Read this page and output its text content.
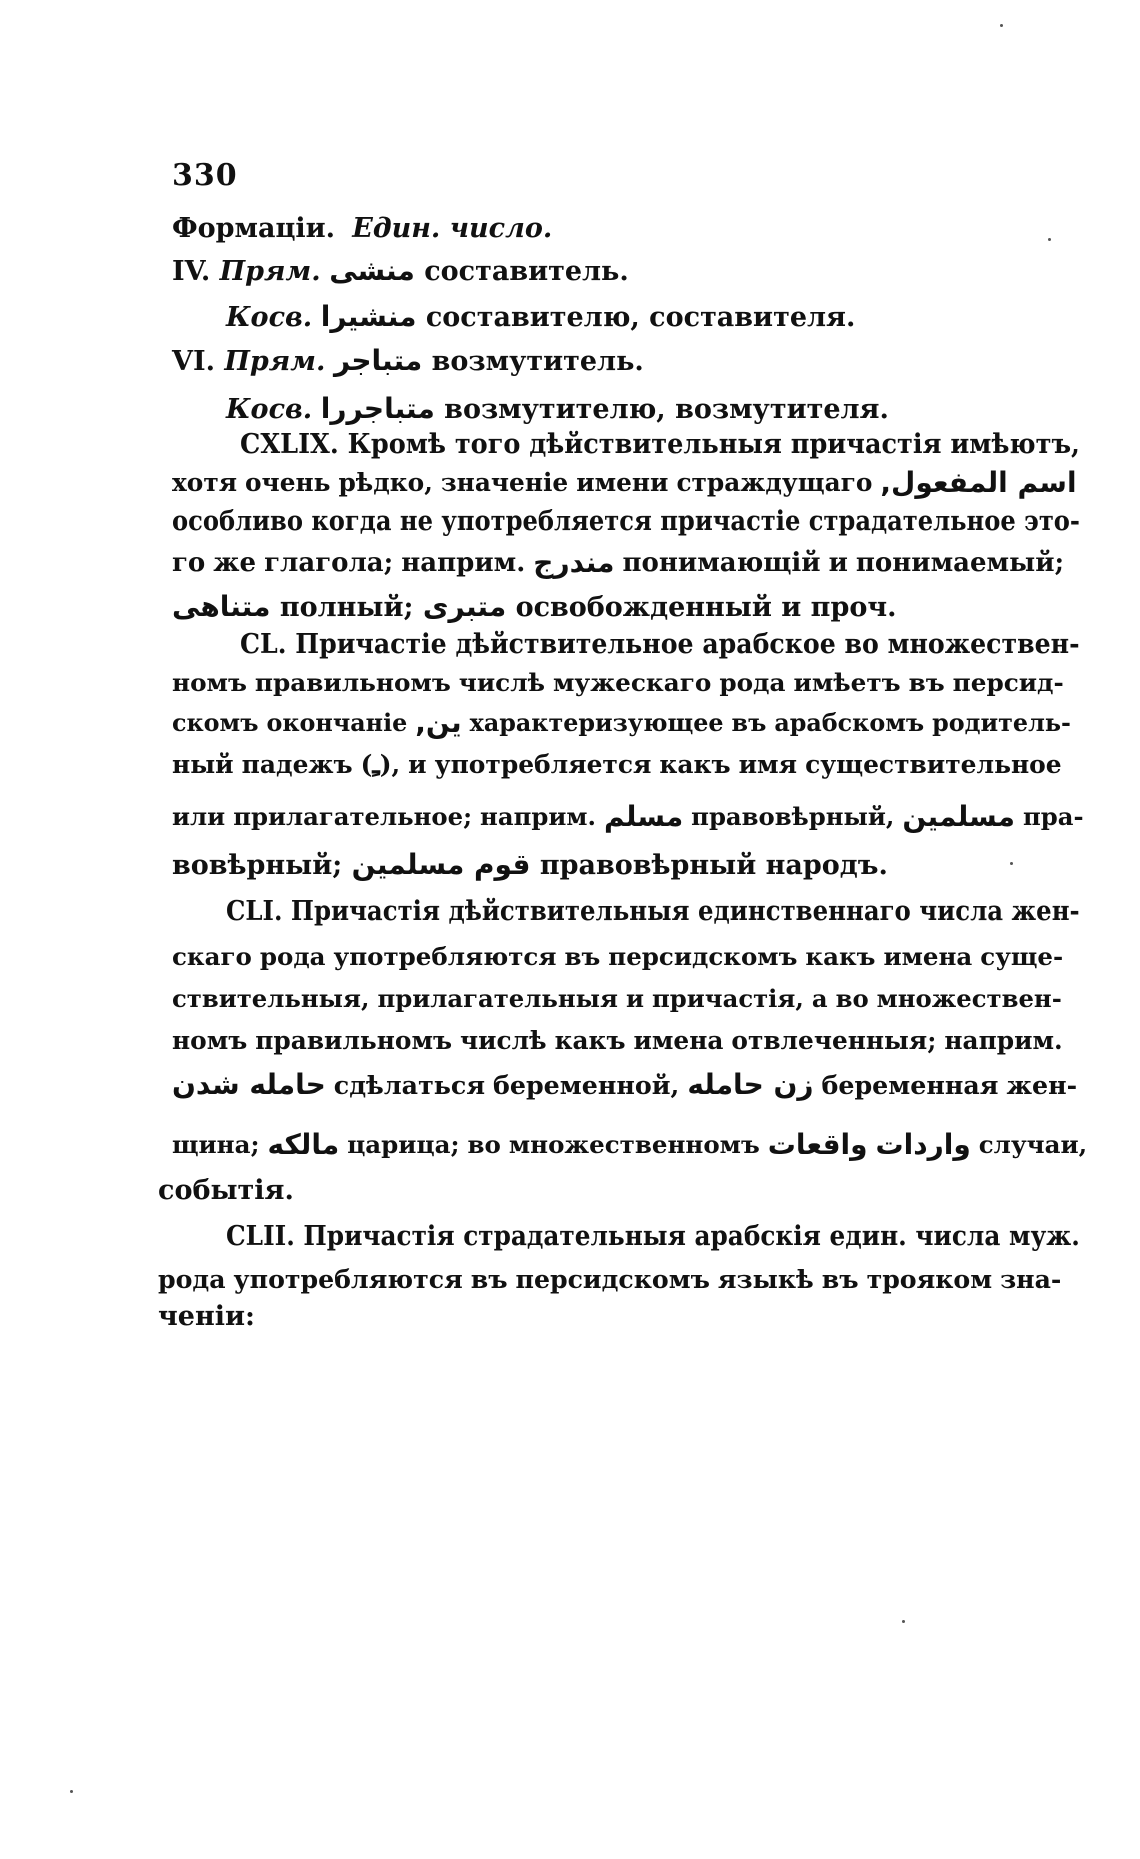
330
Формаціи. Един. число.
IV. Прям. منشى составитель.
Косв. منشيرا составителю, составителя.
VI. Прям. متباجر возмутитель.
Косв. متباجررا возмутителю, возмутителя.
CXLIX. Кромѣ того дѣйствительныя причастія имѣютъ,
хотя очень рѣдко, значеніе имени страждущаго اسم المفعول,
особливо когда не употребляется причастіе страдательное это-
го же глагола; наприм. مندرج понимающій и понимаемый;
متناهى полный; متبرى освобожденный и проч.
CL. Причастіе дѣйствительное арабское во множествен-
номъ правильномъ числѣ мужескаго рода имѣетъ въ персид-
скомъ окончаніе ين, характеризующее въ арабскомъ родитель-
ный падежъ (ـِ), и употребляется какъ имя существительное
или прилагательное; наприм. مسلم правовѣрный, مسلمين пра-
вовѣрный; قوم مسلمين правовѣрный народъ.
CLI. Причастія дѣйствительныя единственнаго числа жен-
скаго рода употребляются въ персидскомъ какъ имена суще-
ствительныя, прилагательныя и причастія, а во множествен-
номъ правильномъ числѣ какъ имена отвлеченныя; наприм.
حامله شدن сдѣлаться беременной, زن حامله беременная жен-
щина; مالكه царица; во множественномъ واقعات واردات случаи,
событія.
CLII. Причастія страдательныя арабскія един. числа муж.
рода употребляются въ персидскомъ языкѣ въ трояком зна-
ченіи:
